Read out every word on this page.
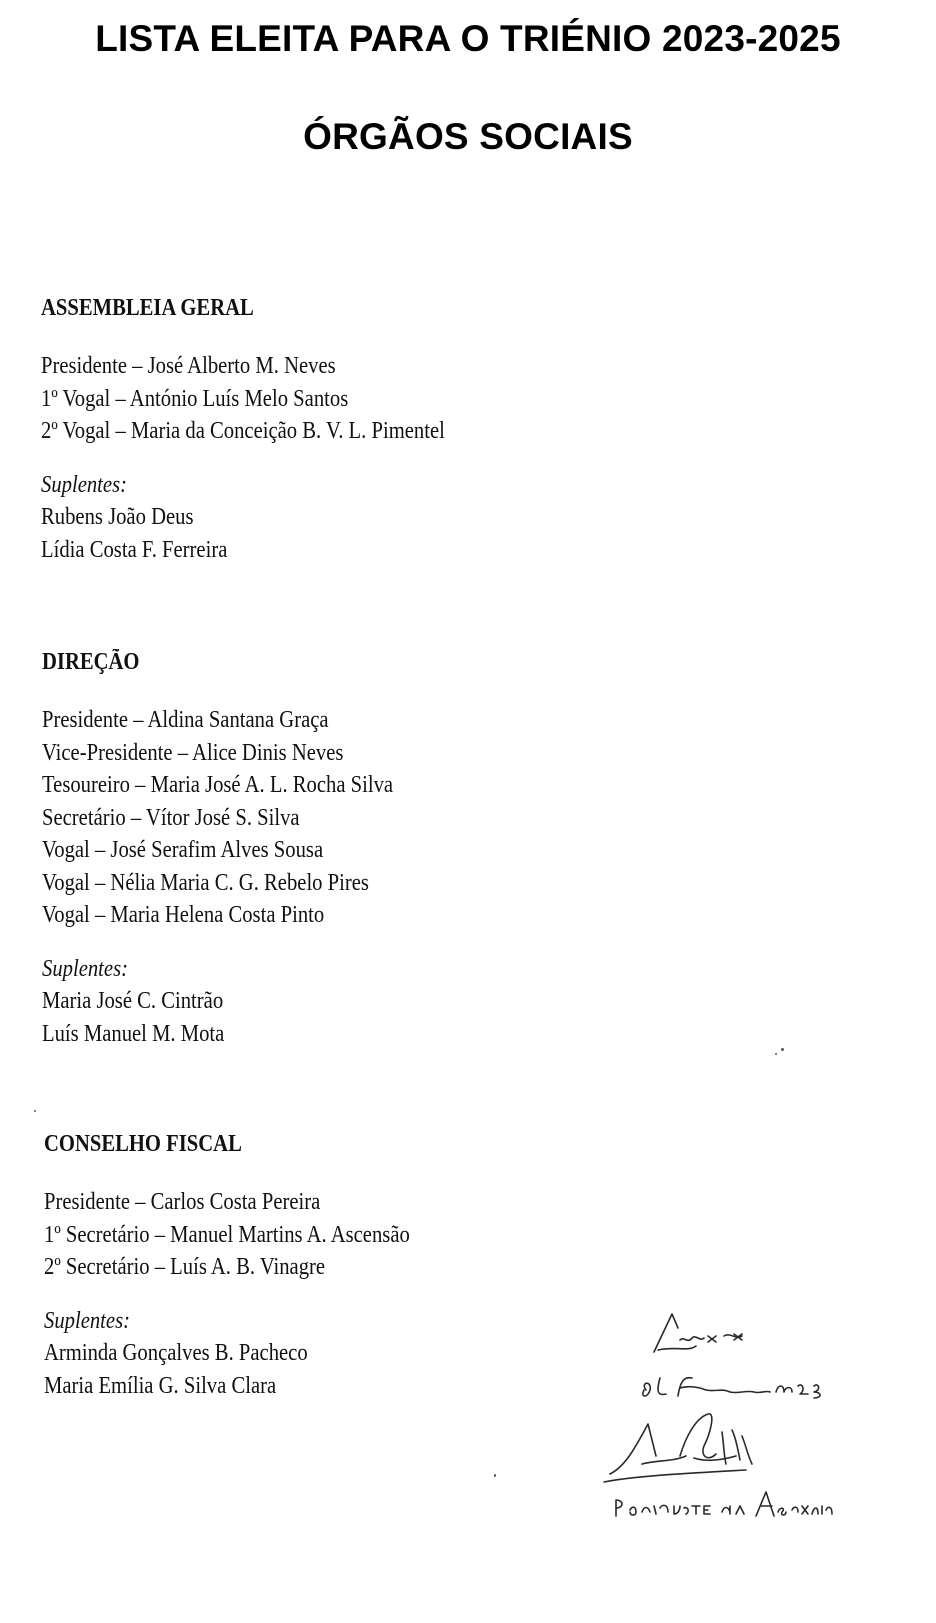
LISTA ELEITA PARA O TRIÉNIO 2023-2025
ÓRGÃOS SOCIAIS

ASSEMBLEIA GERAL

Presidente – José Alberto M. Neves

1º Vogal – António Luís Melo Santos

2º Vogal – Maria da Conceição B. V. L. Pimentel

Suplentes:

Rubens João Deus

Lídia Costa F. Ferreira

DIREÇÃO

Presidente – Aldina Santana Graça

Vice-Presidente – Alice Dinis Neves

Tesoureiro – Maria José A. L. Rocha Silva

Secretário – Vítor José S. Silva

Vogal – José Serafim Alves Sousa

Vogal – Nélia Maria C. G. Rebelo Pires

Vogal – Maria Helena Costa Pinto

Suplentes:

Maria José C. Cintrão

Luís Manuel M. Mota

CONSELHO FISCAL

Presidente – Carlos Costa Pereira

1º Secretário – Manuel Martins A. Ascensão

2º Secretário – Luís A. B. Vinagre

Suplentes:

Arminda Gonçalves B. Pacheco

Maria Emília G. Silva Clara
